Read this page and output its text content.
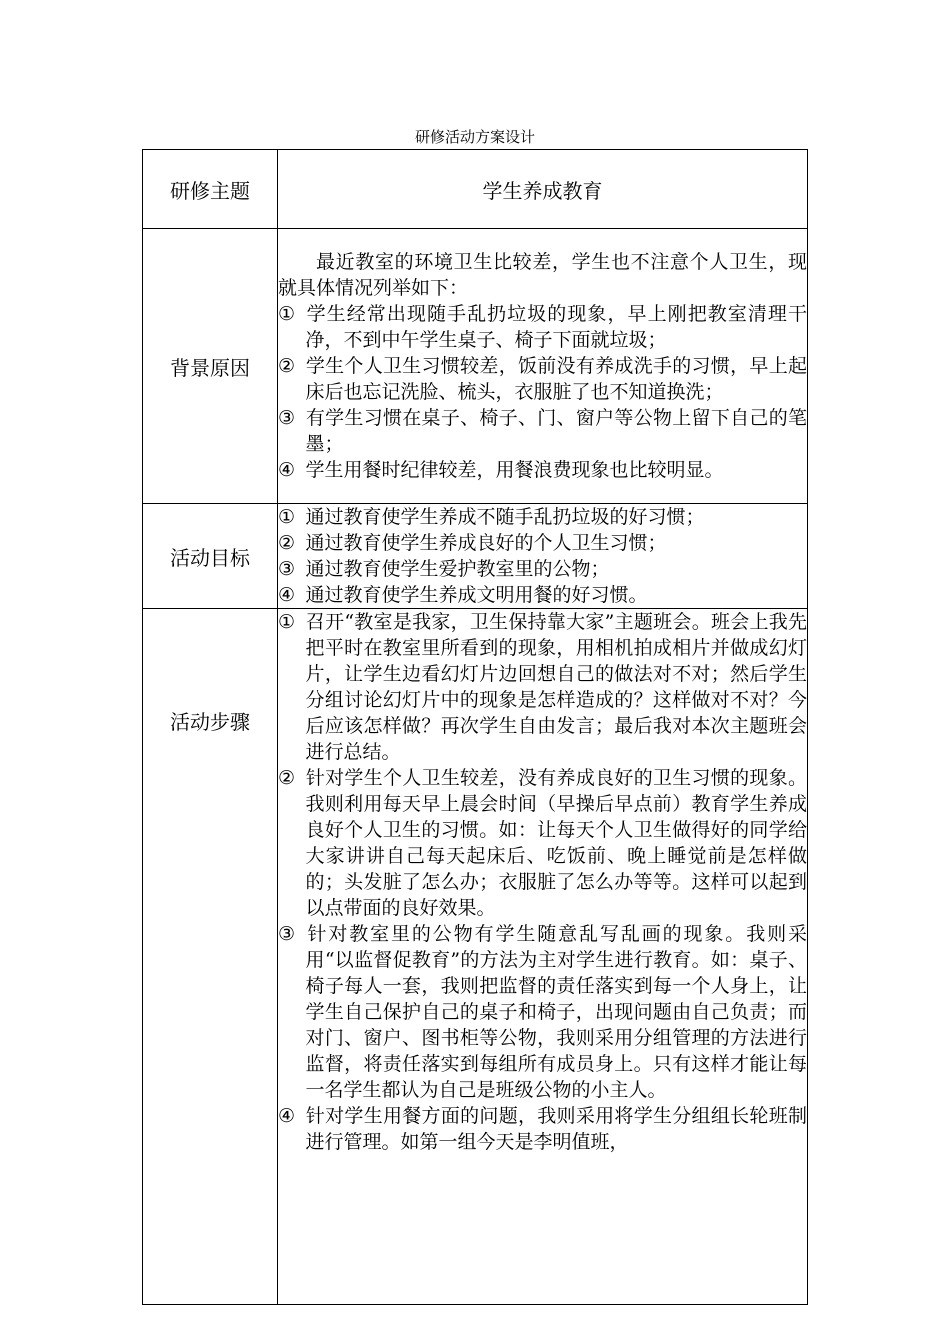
研修活动方案设计
研修主题	学生养成教育
背景原因	最近教室的环境卫生比较差，学生也不注意个人卫生，现就具体情况列举如下：
① 学生经常出现随手乱扔垃圾的现象，早上刚把教室清理干净，不到中午学生桌子、椅子下面就垃圾；
② 学生个人卫生习惯较差，饭前没有养成洗手的习惯，早上起床后也忘记洗脸、梳头，衣服脏了也不知道换洗；
③ 有学生习惯在桌子、椅子、门、窗户等公物上留下自己的笔墨；
④ 学生用餐时纪律较差，用餐浪费现象也比较明显。

活动目标	① 通过教育使学生养成不随手乱扔垃圾的好习惯；
② 通过教育使学生养成良好的个人卫生习惯；
③ 通过教育使学生爱护教室里的公物；
④ 通过教育使学生养成文明用餐的好习惯。

活动步骤	① 召开“教室是我家，卫生保持靠大家”主题班会。班会上我先把平时在教室里所看到的现象，用相机拍成相片并做成幻灯片，让学生边看幻灯片边回想自己的做法对不对；然后学生分组讨论幻灯片中的现象是怎样造成的？这样做对不对？今后应该怎样做？再次学生自由发言；最后我对本次主题班会进行总结。
② 针对学生个人卫生较差，没有养成良好的卫生习惯的现象。我则利用每天早上晨会时间（早操后早点前）教育学生养成良好个人卫生的习惯。如：让每天个人卫生做得好的同学给大家讲讲自己每天起床后、吃饭前、晚上睡觉前是怎样做的；头发脏了怎么办；衣服脏了怎么办等等。这样可以起到以点带面的良好效果。
③ 针对教室里的公物有学生随意乱写乱画的现象。我则采用“以监督促教育”的方法为主对学生进行教育。如：桌子、椅子每人一套，我则把监督的责任落实到每一个人身上，让学生自己保护自己的桌子和椅子，出现问题由自己负责；而对门、窗户、图书柜等公物，我则采用分组管理的方法进行监督，将责任落实到每组所有成员身上。只有这样才能让每一名学生都认为自己是班级公物的小主人。
④ 针对学生用餐方面的问题，我则采用将学生分组组长轮班制进行管理。如第一组今天是李明值班，
